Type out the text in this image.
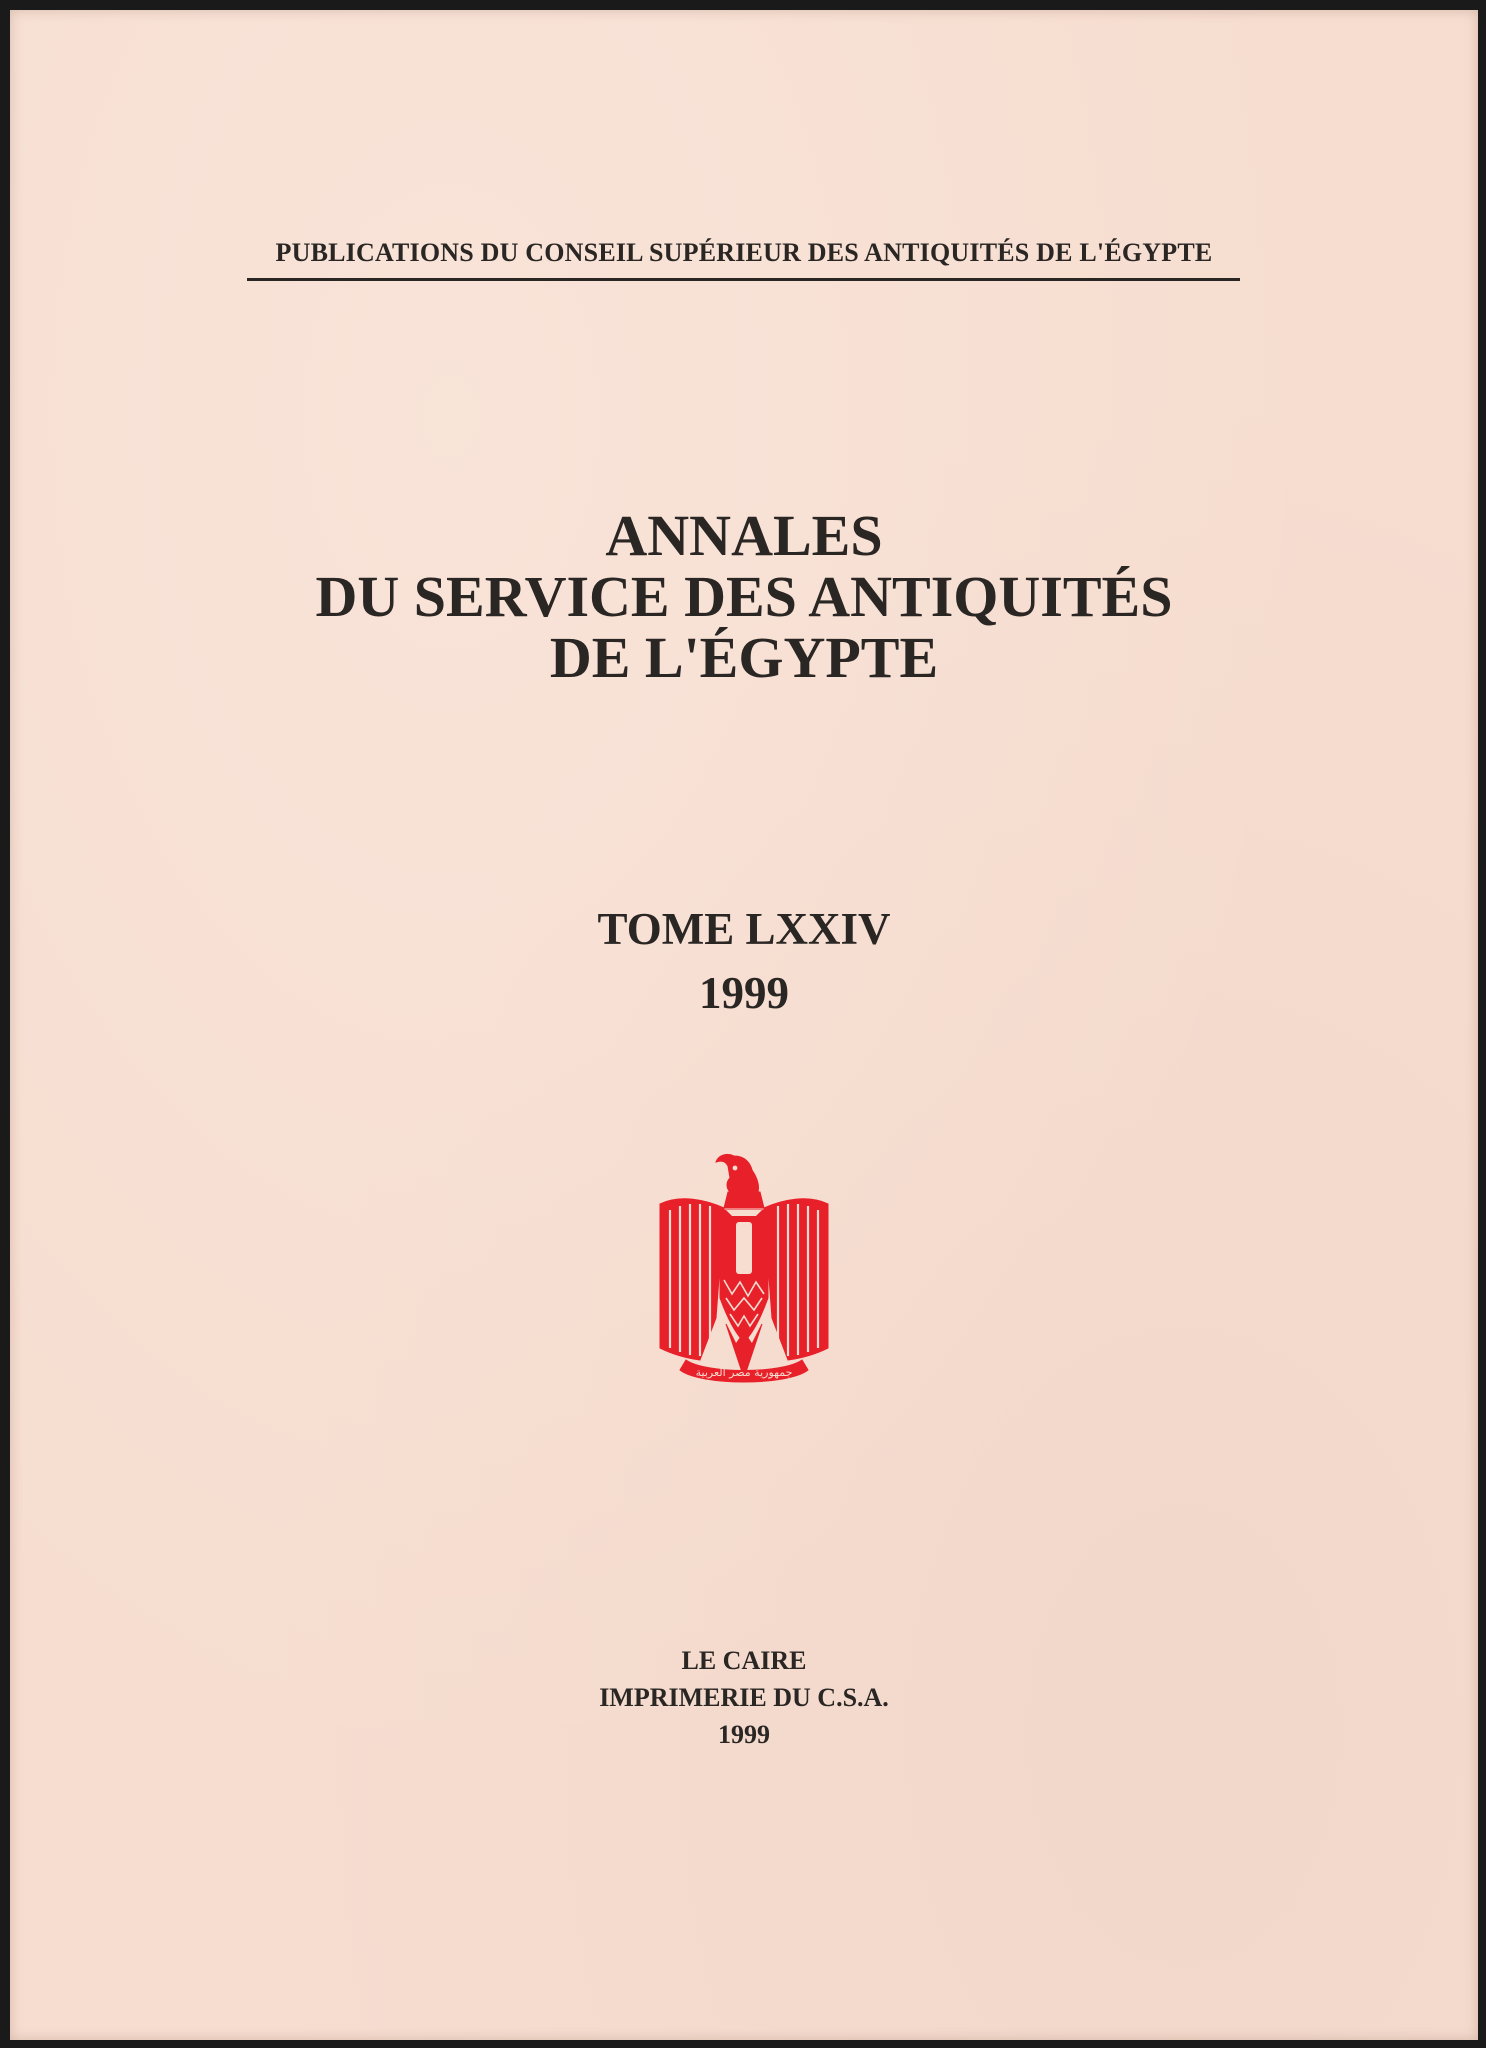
PUBLICATIONS DU CONSEIL SUPÉRIEUR DES ANTIQUITÉS DE L'ÉGYPTE
ANNALES
DU SERVICE DES ANTIQUITÉS
DE L'ÉGYPTE
TOME LXXIV
1999
جمهورية مصر العربية
LE CAIRE
IMPRIMERIE DU C.S.A.
1999
